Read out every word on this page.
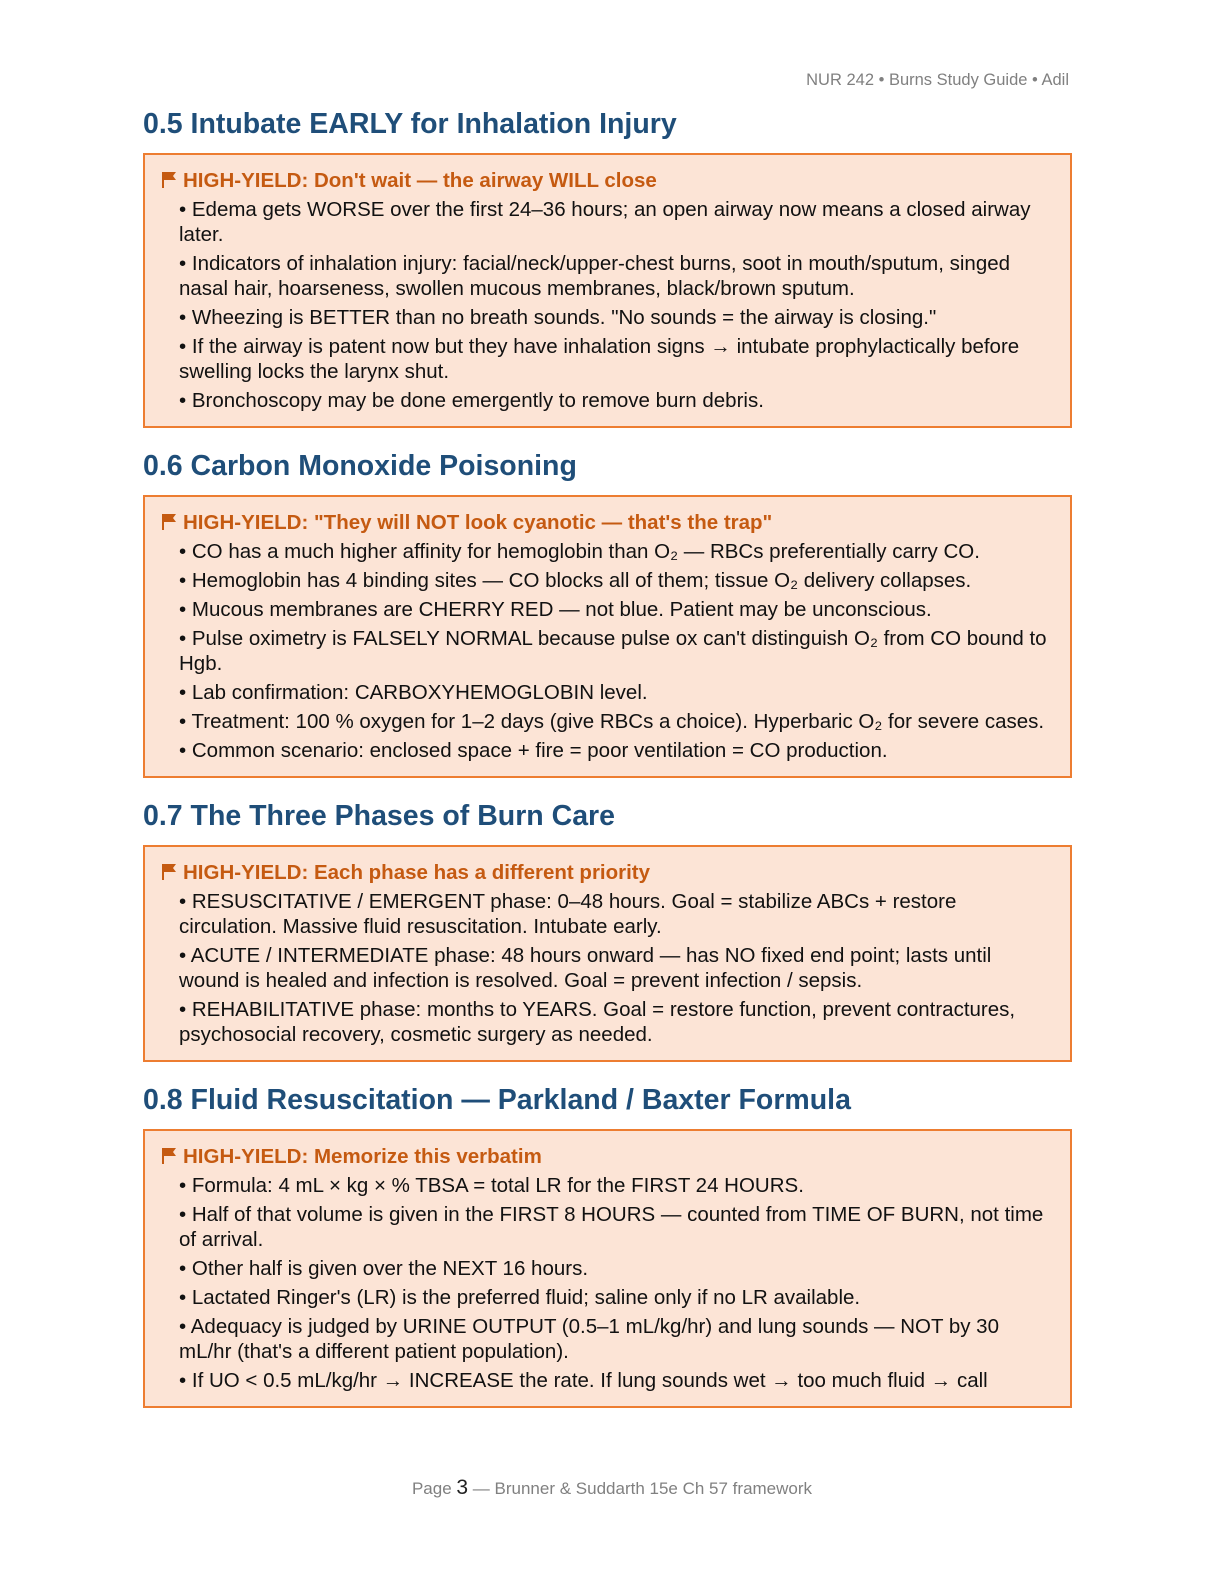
NUR 242 • Burns Study Guide • Adil
0.5 Intubate EARLY for Inhalation Injury
HIGH-YIELD: Don't wait — the airway WILL close
• Edema gets WORSE over the first 24–36 hours; an open airway now means a closed airway later.
• Indicators of inhalation injury: facial/neck/upper-chest burns, soot in mouth/sputum, singed nasal hair, hoarseness, swollen mucous membranes, black/brown sputum.
• Wheezing is BETTER than no breath sounds. "No sounds = the airway is closing."
• If the airway is patent now but they have inhalation signs → intubate prophylactically before swelling locks the larynx shut.
• Bronchoscopy may be done emergently to remove burn debris.
0.6 Carbon Monoxide Poisoning
HIGH-YIELD: "They will NOT look cyanotic — that's the trap"
• CO has a much higher affinity for hemoglobin than O₂ — RBCs preferentially carry CO.
• Hemoglobin has 4 binding sites — CO blocks all of them; tissue O₂ delivery collapses.
• Mucous membranes are CHERRY RED — not blue. Patient may be unconscious.
• Pulse oximetry is FALSELY NORMAL because pulse ox can't distinguish O₂ from CO bound to Hgb.
• Lab confirmation: CARBOXYHEMOGLOBIN level.
• Treatment: 100 % oxygen for 1–2 days (give RBCs a choice). Hyperbaric O₂ for severe cases.
• Common scenario: enclosed space + fire = poor ventilation = CO production.
0.7 The Three Phases of Burn Care
HIGH-YIELD: Each phase has a different priority
• RESUSCITATIVE / EMERGENT phase: 0–48 hours. Goal = stabilize ABCs + restore circulation. Massive fluid resuscitation. Intubate early.
• ACUTE / INTERMEDIATE phase: 48 hours onward — has NO fixed end point; lasts until wound is healed and infection is resolved. Goal = prevent infection / sepsis.
• REHABILITATIVE phase: months to YEARS. Goal = restore function, prevent contractures, psychosocial recovery, cosmetic surgery as needed.
0.8 Fluid Resuscitation — Parkland / Baxter Formula
HIGH-YIELD: Memorize this verbatim
• Formula: 4 mL × kg × % TBSA = total LR for the FIRST 24 HOURS.
• Half of that volume is given in the FIRST 8 HOURS — counted from TIME OF BURN, not time of arrival.
• Other half is given over the NEXT 16 hours.
• Lactated Ringer's (LR) is the preferred fluid; saline only if no LR available.
• Adequacy is judged by URINE OUTPUT (0.5–1 mL/kg/hr) and lung sounds — NOT by 30 mL/hr (that's a different patient population).
• If UO < 0.5 mL/kg/hr → INCREASE the rate. If lung sounds wet → too much fluid → call
Page 3 — Brunner & Suddarth 15e Ch 57 framework
